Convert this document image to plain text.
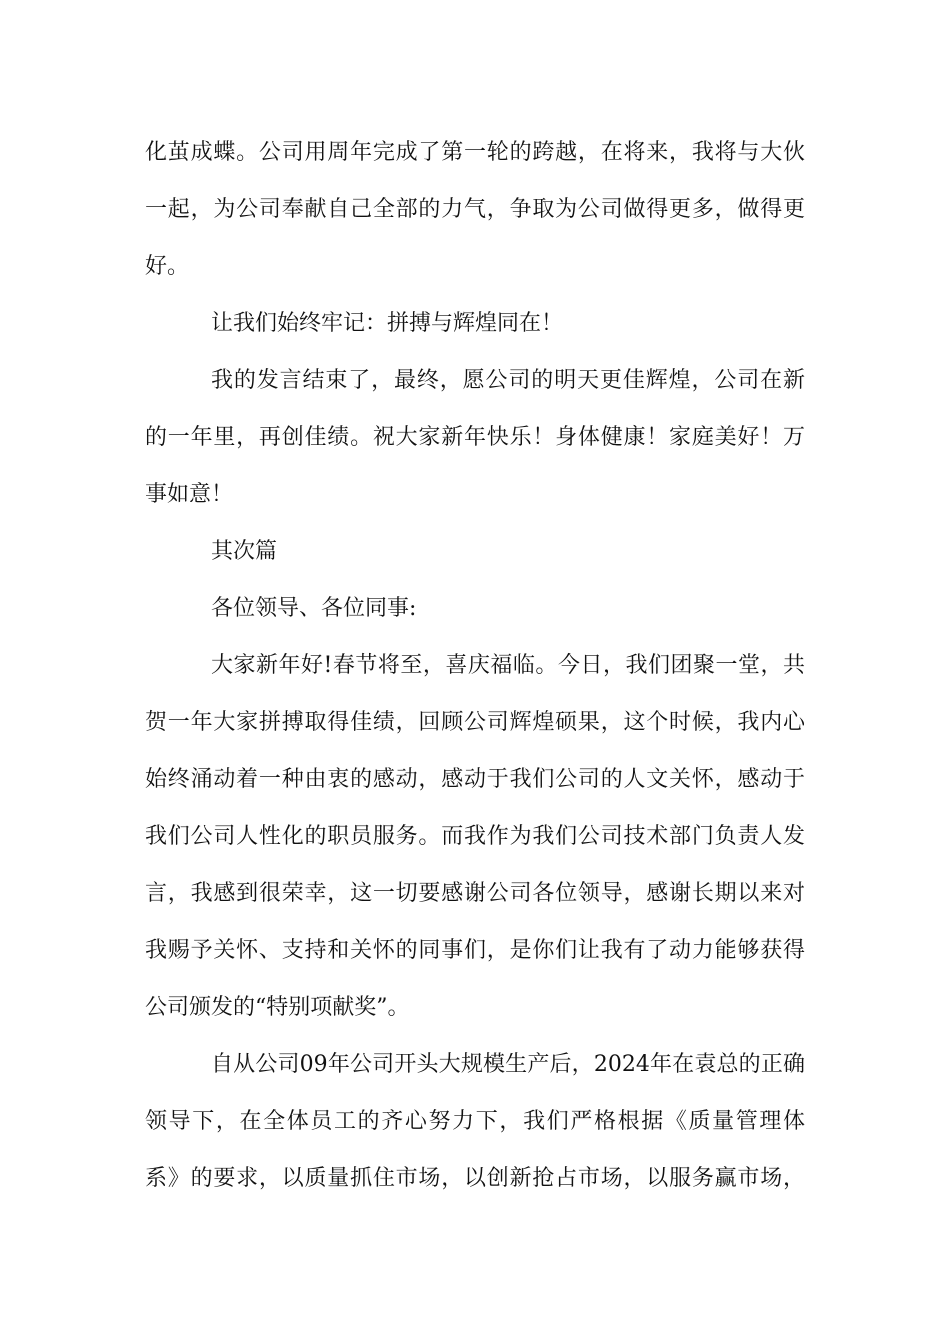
化茧成蝶。公司用周年完成了第一轮的跨越，在将来，我将与大伙
一起，为公司奉献自己全部的力气，争取为公司做得更多，做得更
好。
让我们始终牢记：拼搏与辉煌同在！
我的发言结束了，最终，愿公司的明天更佳辉煌，公司在新
的一年里，再创佳绩。祝大家新年快乐！身体健康！家庭美好！万
事如意！
其次篇
各位领导、各位同事:
大家新年好!春节将至，喜庆福临。今日，我们团聚一堂，共
贺一年大家拼搏取得佳绩，回顾公司辉煌硕果，这个时候，我内心
始终涌动着一种由衷的感动，感动于我们公司的人文关怀，感动于
我们公司人性化的职员服务。而我作为我们公司技术部门负责人发
言，我感到很荣幸，这一切要感谢公司各位领导，感谢长期以来对
我赐予关怀、支持和关怀的同事们，是你们让我有了动力能够获得
公司颁发的“特别项献奖”。
自从公司09年公司开头大规模生产后，2024年在袁总的正确
领导下，在全体员工的齐心努力下，我们严格根据《质量管理体
系》的要求，以质量抓住市场，以创新抢占市场，以服务赢市场，
